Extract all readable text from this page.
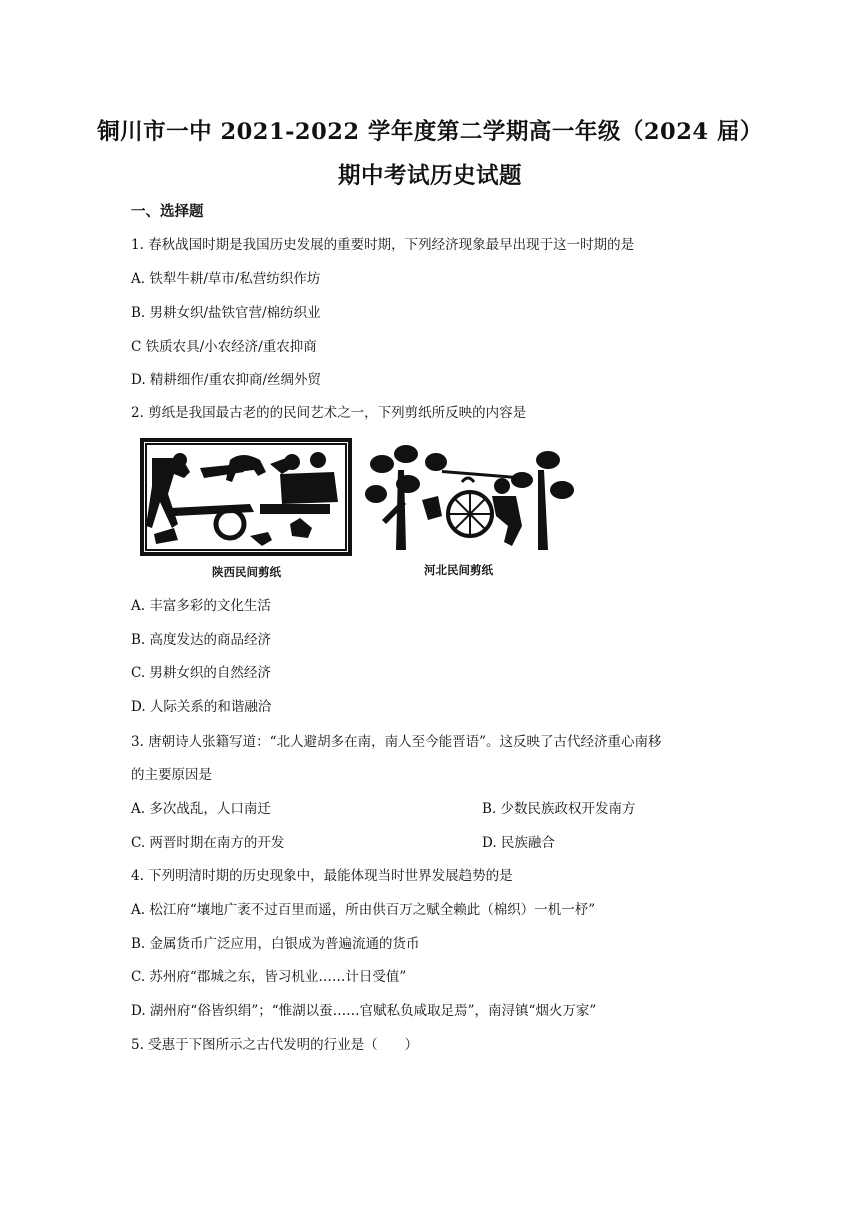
铜川市一中 2021-2022 学年度第二学期高一年级（2024 届）
期中考试历史试题
一、选择题
1. 春秋战国时期是我国历史发展的重要时期，下列经济现象最早出现于这一时期的是
A. 铁犁牛耕/草市/私营纺织作坊
B. 男耕女织/盐铁官营/棉纺织业
C 铁质农具/小农经济/重农抑商
D. 精耕细作/重农抑商/丝绸外贸
2. 剪纸是我国最古老的的民间艺术之一，下列剪纸所反映的内容是
陕西民间剪纸	河北民间剪纸
A. 丰富多彩的文化生活
B. 高度发达的商品经济
C. 男耕女织的自然经济
D. 人际关系的和谐融洽
3. 唐朝诗人张籍写道：“北人避胡多在南，南人至今能晋语”。这反映了古代经济重心南移
的主要原因是
A. 多次战乱，人口南迁	B. 少数民族政权开发南方
C. 两晋时期在南方的开发	D. 民族融合
4. 下列明清时期的历史现象中，最能体现当时世界发展趋势的是
A. 松江府“壤地广袤不过百里而遥，所由供百万之赋全赖此（棉织）一机一杼”
B. 金属货币广泛应用，白银成为普遍流通的货币
C. 苏州府“郡城之东，皆习机业……计日受值”
D. 湖州府“俗皆织绢”；“惟湖以蚕……官赋私负咸取足焉”，南浔镇“烟火万家”
5. 受惠于下图所示之古代发明的行业是（　　）
